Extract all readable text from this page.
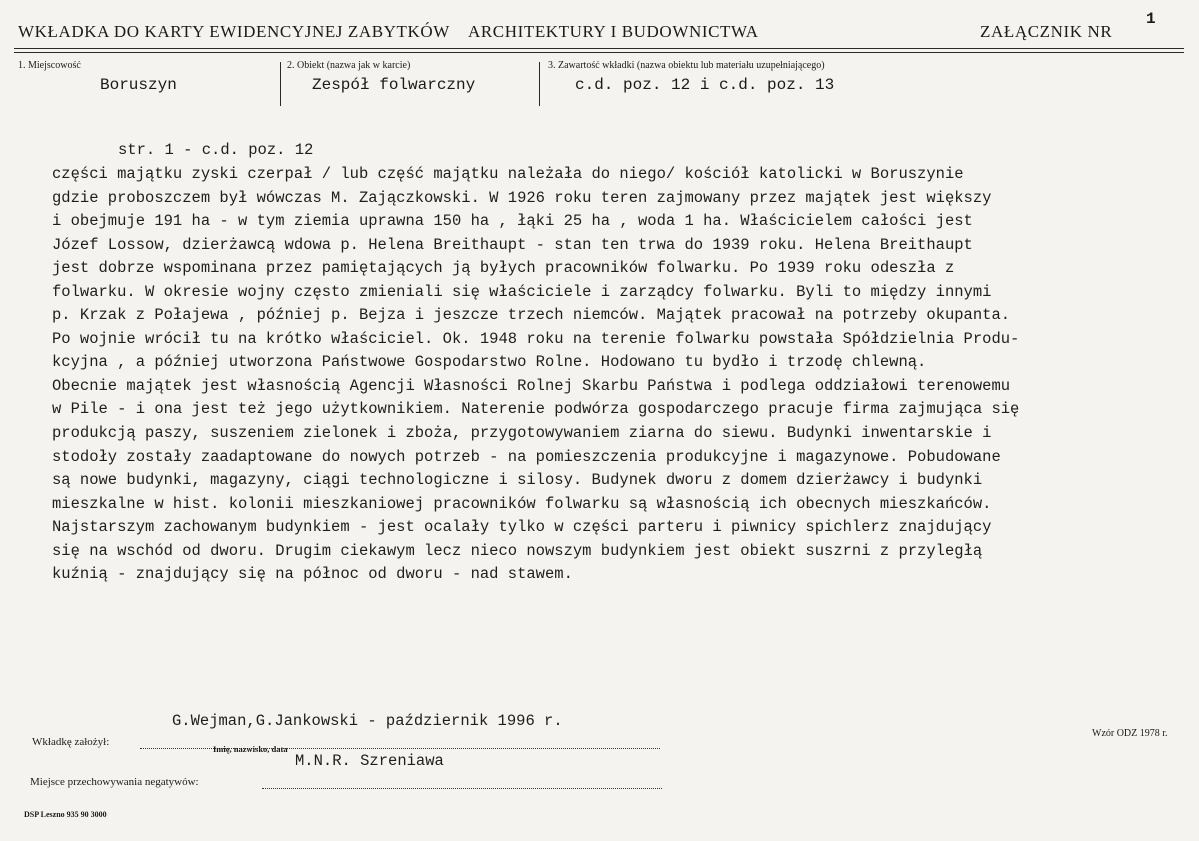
WKŁADKA DO KARTY EWIDENCYJNEJ ZABYTKÓW ARCHITEKTURY I BUDOWNICTWA	ZAŁĄCZNIK NR
1
1. Miejscowość
Boruszyn
2. Obiekt (nazwa jak w karcie)
Zespół folwarczny
3. Zawartość wkładki (nazwa obiektu lub materiału uzupełniającego)
c.d. poz. 12 i c.d. poz. 13
str. 1 - c.d. poz. 12
części majątku zyski czerpał / lub część majątku należała do niego/ kościół katolicki w Boruszynie
gdzie proboszczem był wówczas M. Zajączkowski. W 1926 roku teren zajmowany przez majątek jest większy
i obejmuje 191 ha - w tym ziemia uprawna 150 ha , łąki 25 ha , woda 1 ha. Właścicielem całości jest
Józef Lossow, dzierżawcą wdowa p. Helena Breithaupt - stan ten trwa do 1939 roku. Helena Breithaupt
jest dobrze wspominana przez pamiętających ją byłych pracowników folwarku. Po 1939 roku odeszła z
folwarku. W okresie wojny często zmieniali się właściciele i zarządcy folwarku. Byli to między innymi
p. Krzak z Połajewa , później p. Bejza i jeszcze trzech niemców. Majątek pracował na potrzeby okupanta.
Po wojnie wrócił tu na krótko właściciel. Ok. 1948 roku na terenie folwarku powstała Spółdzielnia Produ-
kcyjna , a później utworzona Państwowe Gospodarstwo Rolne. Hodowano tu bydło i trzodę chlewną.
Obecnie majątek jest własnością Agencji Własności Rolnej Skarbu Państwa i podlega oddziałowi terenowemu
w Pile - i ona jest też jego użytkownikiem. Naterenie podwórza gospodarczego pracuje firma zajmująca się
produkcją paszy, suszeniem zielonek i zboża, przygotowywaniem ziarna do siewu. Budynki inwentarskie i
stodoły zostały zaadaptowane do nowych potrzeb - na pomieszczenia produkcyjne i magazynowe. Pobudowane
są nowe budynki, magazyny, ciągi technologiczne i silosy. Budynek dworu z domem dzierżawcy i budynki
mieszkalne w hist. kolonii mieszkaniowej pracowników folwarku są własnością ich obecnych mieszkańców.
Najstarszym zachowanym budynkiem - jest ocalały tylko w części parteru i piwnicy spichlerz znajdujący
się na wschód od dworu. Drugim ciekawym lecz nieco nowszym budynkiem jest obiekt suszrni z przyległą
kuźnią - znajdujący się na północ od dworu - nad stawem.
G.Wejman,G.Jankowski - październik 1996 r.
Wkładkę założył:
Imię, nazwisko, data
M.N.R. Szreniawa
Miejsce przechowywania negatywów:
Wzór ODZ 1978 r.
DSP Leszno 935 90 3000
